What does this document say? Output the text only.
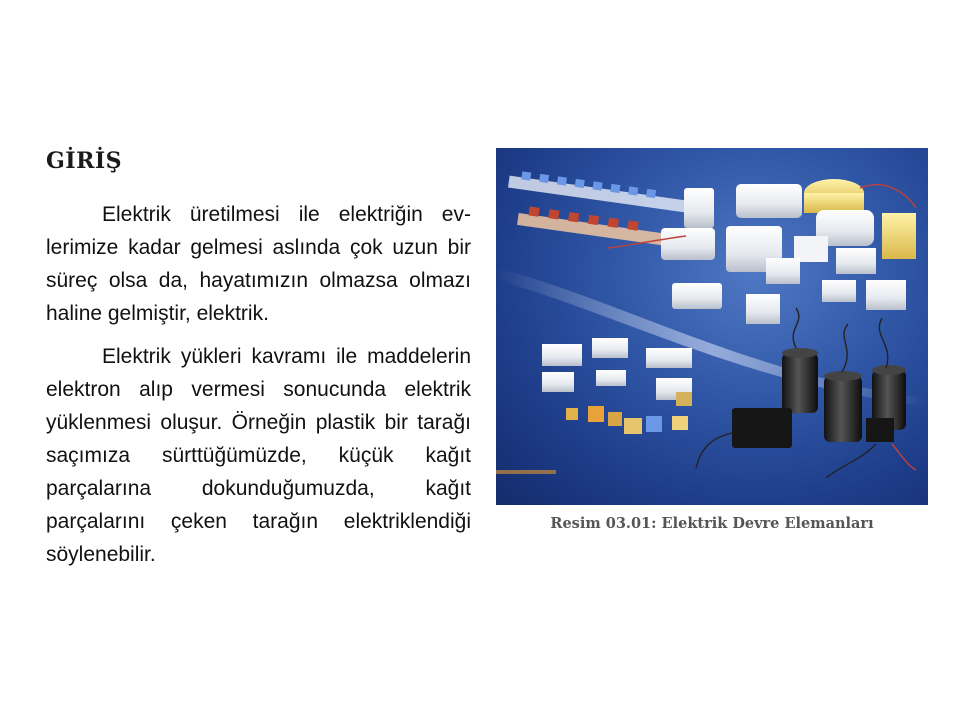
GİRİŞ

Elektrik üretilmesi ile elektriğin evlerimize kadar gelmesi aslında çok uzun bir süreç olsa da, hayatımızın olmazsa olmazı haline gelmiştir, elektrik.

Elektrik yükleri kavramı ile maddelerin elektron alıp vermesi sonucunda elektrik yüklenmesi oluşur. Örneğin plastik bir tarağı saçımıza sürttüğümüzde, küçük kağıt parçalarına dokunduğumuzda, kağıt parçalarını çeken tarağın elektriklendiği söylenebilir.

Resim 03.01: Elektrik Devre Elemanları
